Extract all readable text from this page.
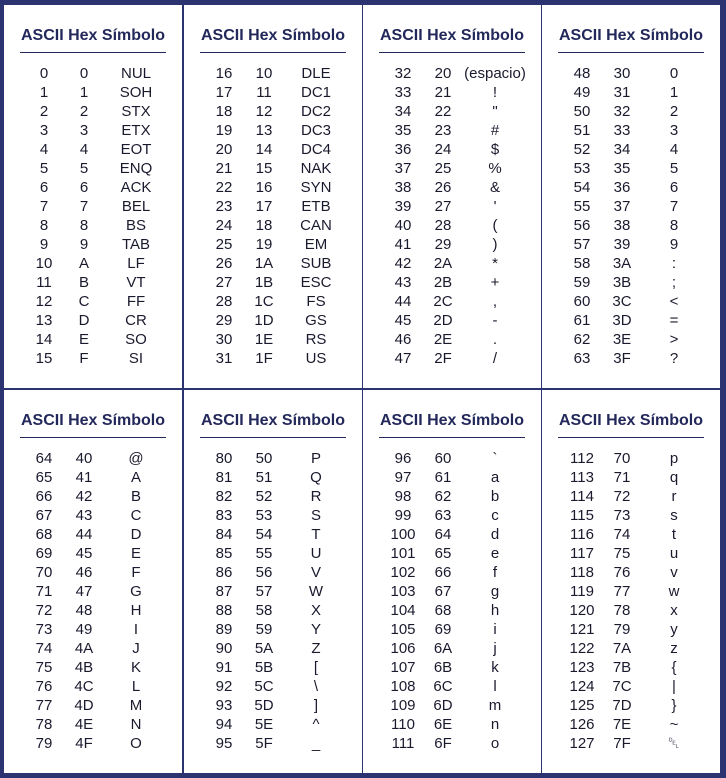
ASCII Hex Símbolo
0	0	NUL
1	1	SOH
2	2	STX
3	3	ETX
4	4	EOT
5	5	ENQ
6	6	ACK
7	7	BEL
8	8	BS
9	9	TAB
10	A	LF
11	B	VT
12	C	FF
13	D	CR
14	E	SO
15	F	SI
ASCII Hex Símbolo
16	10	DLE
17	11	DC1
18	12	DC2
19	13	DC3
20	14	DC4
21	15	NAK
22	16	SYN
23	17	ETB
24	18	CAN
25	19	EM
26	1A	SUB
27	1B	ESC
28	1C	FS
29	1D	GS
30	1E	RS
31	1F	US
ASCII Hex Símbolo
32	20 (espacio)
33	21	!
34	22	"
35	23	#
36	24	$
37	25	%
38	26	&
39	27	'
40	28	(
41	29	)
42	2A	*
43	2B	+
44	2C	,
45	2D	-
46	2E	.
47	2F	/
ASCII Hex Símbolo
48	30	0
49	31	1
50	32	2
51	33	3
52	34	4
53	35	5
54	36	6
55	37	7
56	38	8
57	39	9
58	3A	:
59	3B	;
60	3C	<
61	3D	=
62	3E	>
63	3F	?
ASCII Hex Símbolo
64	40	@
65	41	A
66	42	B
67	43	C
68	44	D
69	45	E
70	46	F
71	47	G
72	48	H
73	49	I
74	4A	J
75	4B	K
76	4C	L
77	4D	M
78	4E	N
79	4F	O
ASCII Hex Símbolo
80	50	P
81	51	Q
82	52	R
83	53	S
84	54	T
85	55	U
86	56	V
87	57	W
88	58	X
89	59	Y
90	5A	Z
91	5B	[
92	5C	\
93	5D	]
94	5E	^
95	5F	_
ASCII Hex Símbolo
96	60	`
97	61	a
98	62	b
99	63	c
100	64	d
101	65	e
102	66	f
103	67	g
104	68	h
105	69	i
106	6A	j
107	6B	k
108	6C	l
109	6D	m
110	6E	n
111	6F	o
ASCII Hex Símbolo
112	70	p
113	71	q
114	72	r
115	73	s
116	74	t
117	75	u
118	76	v
119	77	w
120	78	x
121	79	y
122	7A	z
123	7B	{
124	7C	|
125	7D	}
126	7E	~
127	7F	␡
